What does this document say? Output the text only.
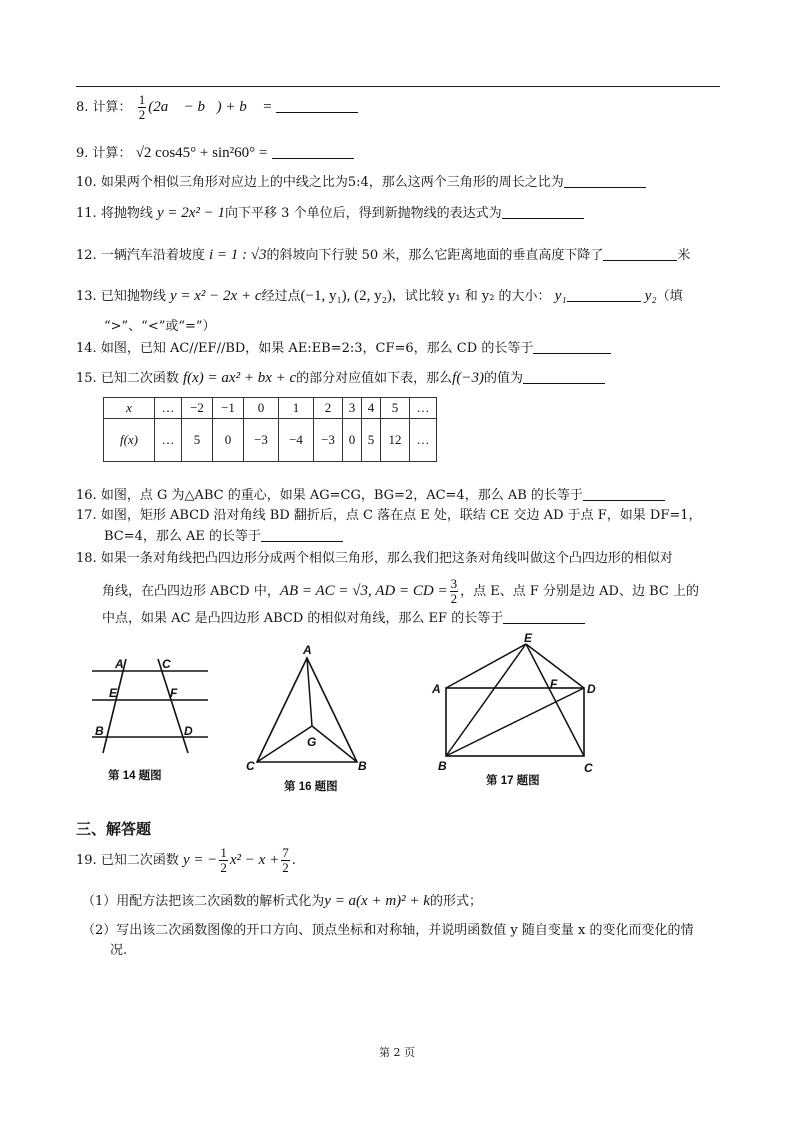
8. 计算： $\frac{1}{2}$ (2a⃗ − b⃗) + b⃗ =
9. 计算： √2 cos45° + sin²60° =
10. 如果两个相似三角形对应边上的中线之比为5:4，那么这两个三角形的周长之比为
11. 将抛物线 y = 2x² − 1向下平移 3 个单位后，得到新抛物线的表达式为
12. 一辆汽车沿着坡度 i = 1 : √3的斜坡向下行驶 50 米，那么它距离地面的垂直高度下降了	米
13. 已知抛物线 y = x² − 2x + c经过点(−1, y₁), (2, y₂)，试比较 y₁ 和 y₂ 的大小： y₁	y₂（填
“>”、“<”或“=”）
14. 如图，已知 AC//EF//BD，如果 AE:EB=2:3，CF=6，那么 CD 的长等于
15. 已知二次函数 f(x) = ax² + bx + c的部分对应值如下表，那么f(−3)的值为
x	…	−2	−1	0	1	2	3	4	5	…
f(x)	…	5	0	−3	−4	−3	0	5	12	…
16. 如图，点 G 为△ABC 的重心，如果 AG=CG，BG=2，AC=4，那么 AB 的长等于
17. 如图，矩形 ABCD 沿对角线 BD 翻折后，点 C 落在点 E 处，联结 CE 交边 AD 于点 F，如果 DF=1，
BC=4，那么 AE 的长等于
18. 如果一条对角线把凸四边形分成两个相似三角形，那么我们把这条对角线叫做这个凸四边形的相似对
角线，在凸四边形 ABCD 中，AB = AC = √3, AD = CD = $\frac{3}{2}$ ，点 E、点 F 分别是边 AD、边 BC 上的
中点，如果 AC 是凸四边形 ABCD 的相似对角线，那么 EF 的长等于
A	C
E	F
B	D
第 14 题图
A
G
C	B
第 16 题图
E
A	F D
B	C
第 17 题图
三、解答题
19. 已知二次函数 y = − $\frac{1}{2} x^2 - x + \frac{7}{2}$ .
（1）用配方法把该二次函数的解析式化为y = a(x + m)² + k的形式；
（2）写出该二次函数图像的开口方向、顶点坐标和对称轴，并说明函数值 y 随自变量 x 的变化而变化的情
况.
第 2 页
